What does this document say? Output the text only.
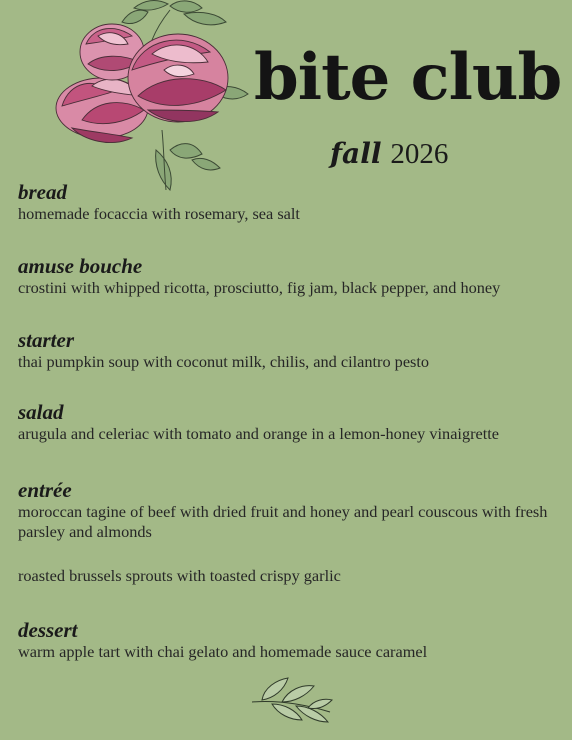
bite club
fall 2026
bread
homemade focaccia with rosemary, sea salt
amuse bouche
crostini with whipped ricotta, prosciutto, fig jam, black pepper, and honey
starter
thai pumpkin soup with coconut milk, chilis, and cilantro pesto
salad
arugula and celeriac with tomato and orange in a lemon-honey vinaigrette
entrée
moroccan tagine of beef with dried fruit and honey and pearl couscous with fresh parsley and almonds
roasted brussels sprouts with toasted crispy garlic
dessert
warm apple tart with chai gelato and homemade sauce caramel
